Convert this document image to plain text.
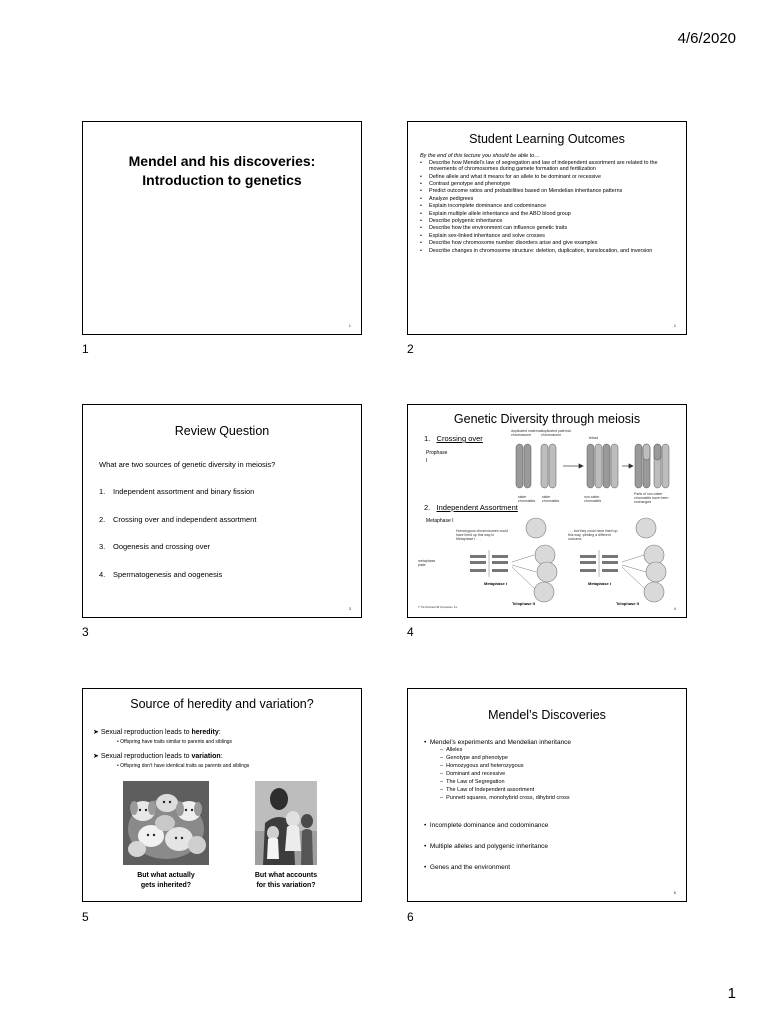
4/6/2020
Mendel and his discoveries:
Introduction to genetics
1
1
Student Learning Outcomes
By the end of this lecture you should be able to…
• Describe how Mendel’s law of segregation and law of independent assortment are related to the movements of chromosomes during gamete formation and fertilization
• Define allele and what it means for an allele to be dominant or recessive
• Contrast genotype and phenotype
• Predict outcome ratios and probabilities based on Mendelian inheritance patterns
• Analyze pedigrees
• Explain incomplete dominance and codominance
• Explain multiple allele inheritance and the ABO blood group
• Describe polygenic inheritance
• Describe how the environment can influence genetic traits
• Explain sex-linked inheritance and solve crosses
• Describe how chromosome number disorders arise and give examples
• Describe changes in chromosome structure: deletion, duplication, translocation, and inversion
2
2
Review Question
What are two sources of genetic diversity in meiosis?
1. Independent assortment and binary fission
2. Crossing over and independent assortment
3. Oogenesis and crossing over
4. Spermatogenesis and oogenesis
3
3
Genetic Diversity through meiosis
1. Crossing over
Prophase
I
duplicated maternal chromosome
duplicated paternal chromosome
tetrad
sister chromatids
sister chromatids
non-sister chromatids
Parts of non-sister chromatids have been exchanged
2. Independent Assortment
Metaphase I
Homologous chromosomes could have lined up this way in Metaphase I . . .
. . . but they could have lined up this way, yielding a different outcome.
metaphase plate
Metaphase I	Metaphase I
Telophase II	Telophase II
© The McGraw-Hill Companies, Inc.	4
4
Source of heredity and variation?
➤ Sexual reproduction leads to heredity:
• Offspring have traits similar to parents and siblings
➤ Sexual reproduction leads to variation:
• Offspring don’t have identical traits as parents and siblings
But what actually
gets inherited?
But what accounts
for this variation?
5
Mendel’s Discoveries
•  Mendel’s experiments and Mendelian inheritance
–  Alleles
–  Genotype and phenotype
–  Homozygous and heterozygous
–  Dominant and recessive
–  The Law of Segregation
–  The Law of Independent assortment
–  Punnett squares, monohybrid cross, dihybrid cross
•  Incomplete dominance and codominance
•  Multiple alleles and polygenic inheritance
•  Genes and the environment
6
6
1
